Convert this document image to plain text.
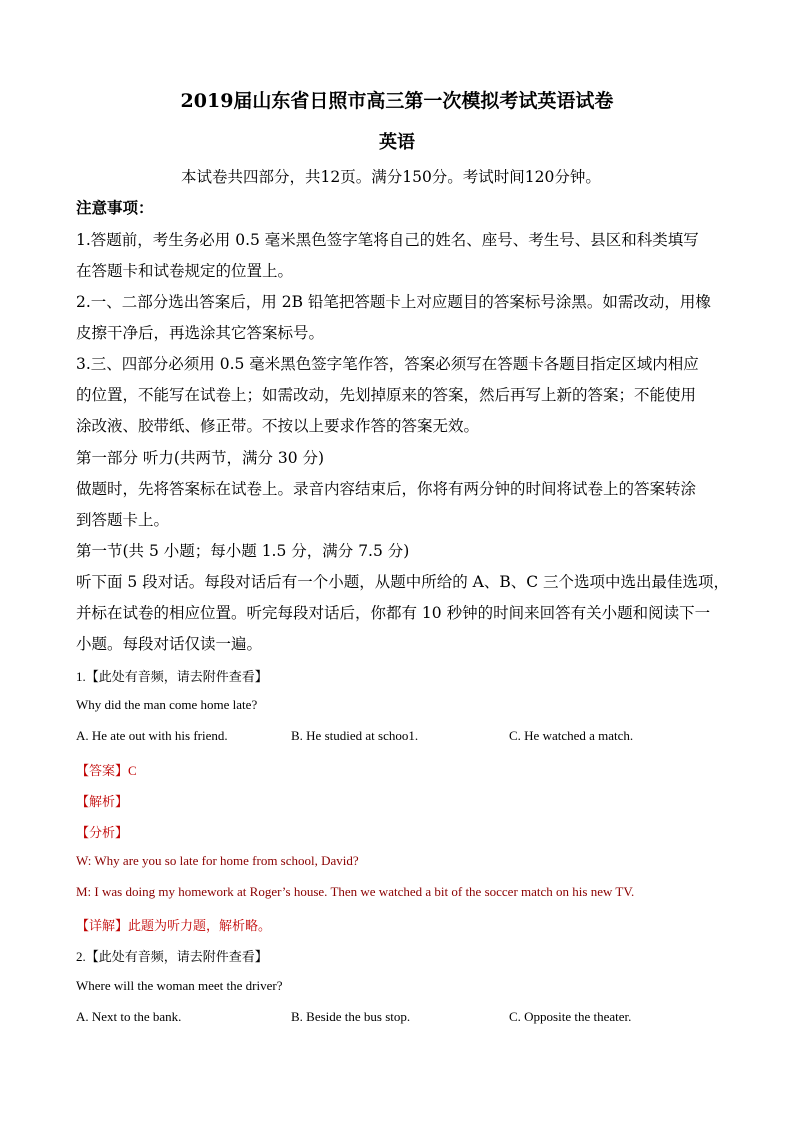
2019届山东省日照市高三第一次模拟考试英语试卷
英语
本试卷共四部分，共12页。满分150分。考试时间120分钟。
注意事项：
1.答题前，考生务必用 0.5 毫米黑色签字笔将自己的姓名、座号、考生号、县区和科类填写
在答题卡和试卷规定的位置上。
2.一、二部分选出答案后，用 2B 铅笔把答题卡上对应题目的答案标号涂黑。如需改动，用橡
皮擦干净后，再选涂其它答案标号。
3.三、四部分必须用 0.5 毫米黑色签字笔作答，答案必须写在答题卡各题目指定区域内相应
的位置，不能写在试卷上；如需改动，先划掉原来的答案，然后再写上新的答案；不能使用
涂改液、胶带纸、修正带。不按以上要求作答的答案无效。
第一部分 听力(共两节，满分 30 分)
做题时，先将答案标在试卷上。录音内容结束后，你将有两分钟的时间将试卷上的答案转涂
到答题卡上。
第一节(共 5 小题；每小题 1.5 分，满分 7.5 分)
听下面 5 段对话。每段对话后有一个小题，从题中所给的 A、B、C 三个选项中选出最佳选项，
并标在试卷的相应位置。听完每段对话后，你都有 10 秒钟的时间来回答有关小题和阅读下一
小题。每段对话仅读一遍。
1.【此处有音频，请去附件查看】
Why did the man come home late?
A. He ate out with his friend.	B. He studied at schoo1.	C. He watched a match.
【答案】C
【解析】
【分析】
W: Why are you so late for home from school, David?
M: I was doing my homework at Roger’s house. Then we watched a bit of the soccer match on his new TV.
【详解】此题为听力题，解析略。
2.【此处有音频，请去附件查看】
Where will the woman meet the driver?
A. Next to the bank.	B. Beside the bus stop.	C. Opposite the theater.
